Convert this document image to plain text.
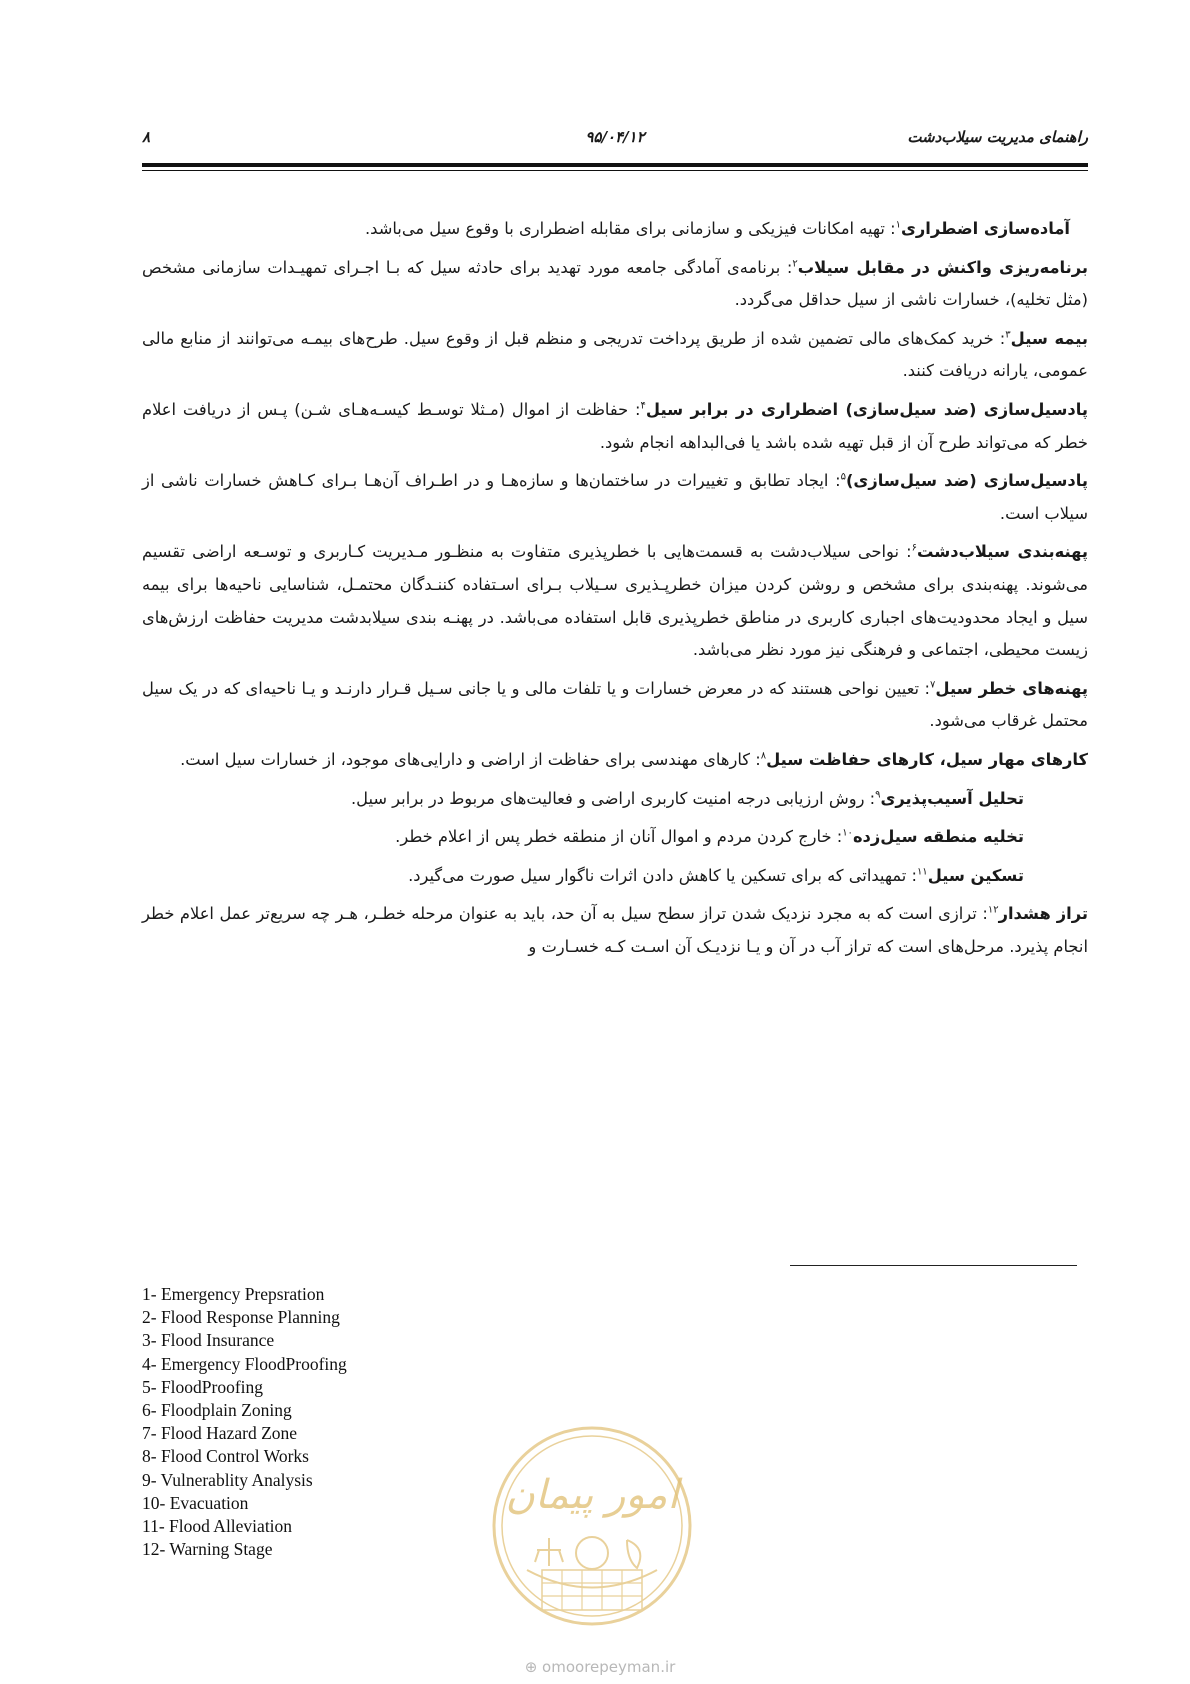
۸	۹۵/۰۴/۱۲	راهنمای مدیریت سیلاب‌دشت

آماده‌سازی اضطراری$^۱$: تهیه امکانات فیزیکی و سازمانی برای مقابله اضطراری با وقوع سیل می‌باشد.

برنامه‌ریزی واکنش در مقابل سیلاب$^۲$: برنامه‌ی آمادگی جامعه مورد تهدید برای حادثه سیل که بـا اجـرای تمهیـدات سازمانی مشخص (مثل تخلیه)، خسارات ناشی از سیل حداقل می‌گردد.

بیمه سیل$^۳$: خرید کمک‌های مالی تضمین شده از طریق پرداخت تدریجی و منظم قبل از وقوع سیل. طرح‌های بیمـه می‌توانند از منابع مالی عمومی، یارانه دریافت کنند.

پادسیل‌سازی (ضد سیل‌سازی) اضطراری در برابر سیل$^۴$: حفاظت از اموال (مـثلا توسـط کیسـه‌هـای شـن) پـس از دریافت اعلام خطر که می‌تواند طرح آن از قبل تهیه شده باشد یا فی‌البداهه انجام شود.

پادسیل‌سازی (ضد سیل‌سازی)$^۵$: ایجاد تطابق و تغییرات در ساختمان‌ها و سازه‌هـا و در اطـراف آن‌هـا بـرای کـاهش خسارات ناشی از سیلاب است.

پهنه‌بندی سیلاب‌دشت$^۶$: نواحی سیلاب‌دشت به قسمت‌هایی با خطرپذیری متفاوت به منظـور مـدیریت کـاربری و توسـعه اراضی تقسیم می‌شوند. پهنه‌بندی برای مشخص و روشن کردن میزان خطرپـذیری سـیلاب بـرای اسـتفاده کننـدگان محتمـل، شناسایی ناحیه‌ها برای بیمه سیل و ایجاد محدودیت‌های اجباری کاربری در مناطق خطرپذیری قابل استفاده می‌باشد. در پهنـه بندی سیلابدشت مدیریت حفاظت ارزش‌های زیست محیطی، اجتماعی و فرهنگی نیز مورد نظر می‌باشد.

پهنه‌های خطر سیل$^۷$: تعیین نواحی هستند که در معرض خسارات و یا تلفات مالی و یا جانی سـیل قـرار دارنـد و یـا ناحیه‌ای که در یک سیل محتمل غرقاب می‌شود.

کارهای مهار سیل، کارهای حفاظت سیل$^۸$: کارهای مهندسی برای حفاظت از اراضی و دارایی‌های موجود، از خسارات سیل است.

تحلیل آسیب‌پذیری$^۹$: روش ارزیابی درجه امنیت کاربری اراضی و فعالیت‌های مربوط در برابر سیل.

تخلیه منطقه سیل‌زده$^{۱۰}$: خارج کردن مردم و اموال آنان از منطقه خطر پس از اعلام خطر.

تسکین سیل$^{۱۱}$: تمهیداتی که برای تسکین یا کاهش دادن اثرات ناگوار سیل صورت می‌گیرد.

تراز هشدار$^{۱۲}$: ترازی است که به مجرد نزدیک شدن تراز سطح سیل به آن حد، باید به عنوان مرحله خطـر، هـر چه سریع‌تر عمل اعلام خطر انجام پذیرد. مرحل‌های است که تراز آب در آن و یـا نزدیـک آن اسـت کـه خسـارت و

1- Emergency Prepsration
2- Flood Response Planning
3- Flood Insurance
4- Emergency FloodProofing
5- FloodProofing
6- Floodplain Zoning
7- Flood Hazard Zone
8- Flood Control Works
9- Vulnerablity Analysis
10- Evacuation
11- Flood Alleviation
12- Warning Stage
امور پیمان
⊕ omoorepeyman.ir
